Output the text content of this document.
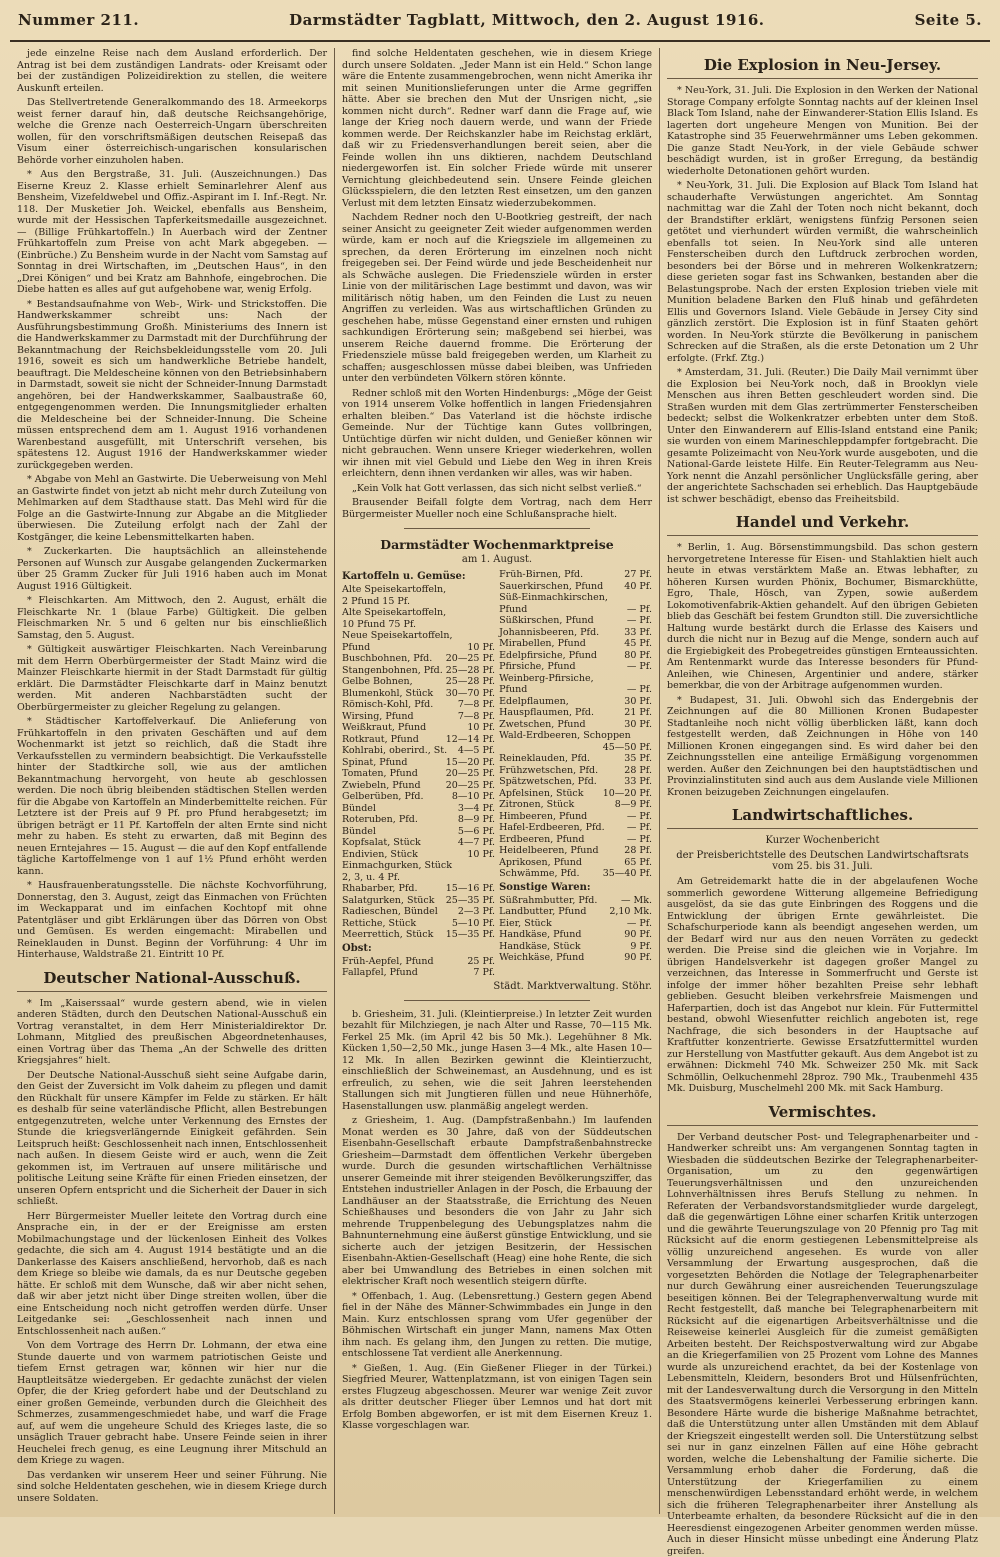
Nummer 211.	Darmstädter Tagblatt, Mittwoch, den 2. August 1916.	Seite 5.

jede einzelne Reise nach dem Ausland erforderlich. Der Antrag ist bei dem zuständigen Landrats- oder Kreisamt oder bei der zuständigen Polizeidirektion zu stellen, die weitere Auskunft erteilen.

Das Stellvertretende Generalkommando des 18. Armeekorps weist ferner darauf hin, daß deutsche Reichsangehörige, welche die Grenze nach Oesterreich-Ungarn überschreiten wollen, für den vorschriftsmäßigen deutschen Reisepaß das Visum einer österreichisch-ungarischen konsularischen Behörde vorher einzuholen haben.

* Aus den Bergstraße, 31. Juli. (Auszeichnungen.) Das Eiserne Kreuz 2. Klasse erhielt Seminarlehrer Alenf aus Bensheim, Vizefeldwebel und Offiz.-Aspirant im I. Inf.-Regt. Nr. 118. Der Musketier Joh. Weickel, ebenfalls aus Bensheim, wurde mit der Hessischen Tapferkeitsmedaille ausgezeichnet. — (Billige Frühkartoffeln.) In Auerbach wird der Zentner Frühkartoffeln zum Preise von acht Mark abgegeben. — (Einbrüche.) Zu Bensheim wurde in der Nacht vom Samstag auf Sonntag in drei Wirtschaften, im „Deutschen Haus“, in den „Drei Königen“ und bei Kratz am Bahnhofe, eingebrochen. Die Diebe hatten es alles auf gut aufgehobene war, wenig Erfolg.

* Bestandsaufnahme von Web-, Wirk- und Strickstoffen. Die Handwerkskammer schreibt uns: Nach der Ausführungsbestimmung Großh. Ministeriums des Innern ist die Handwerkskammer zu Darmstadt mit der Durchführung der Bekanntmachung der Reichsbekleidungsstelle vom 20. Juli 1916, soweit es sich um handwerkliche Betriebe handelt, beauftragt. Die Meldescheine können von den Betriebsinhabern in Darmstadt, soweit sie nicht der Schneider-Innung Darmstadt angehören, bei der Handwerkskammer, Saalbaustraße 60, entgegengenommen werden. Die Innungsmitglieder erhalten die Meldescheine bei der Schneider-Innung. Die Scheine müssen entsprechend dem am 1. August 1916 vorhandenen Warenbestand ausgefüllt, mit Unterschrift versehen, bis spätestens 12. August 1916 der Handwerkskammer wieder zurückgegeben werden.

* Abgabe von Mehl an Gastwirte. Die Ueberweisung von Mehl an Gastwirte findet von jetzt ab nicht mehr durch Zuteilung von Mehlmarken auf dem Stadthause statt. Das Mehl wird für die Folge an die Gastwirte-Innung zur Abgabe an die Mitglieder überwiesen. Die Zuteilung erfolgt nach der Zahl der Kostgänger, die keine Lebensmittelkarten haben.

* Zuckerkarten. Die hauptsächlich an alleinstehende Personen auf Wunsch zur Ausgabe gelangenden Zuckermarken über 25 Gramm Zucker für Juli 1916 haben auch im Monat August 1916 Gültigkeit.

* Fleischkarten. Am Mittwoch, den 2. August, erhält die Fleischkarte Nr. 1 (blaue Farbe) Gültigkeit. Die gelben Fleischmarken Nr. 5 und 6 gelten nur bis einschließlich Samstag, den 5. August.

* Gültigkeit auswärtiger Fleischkarten. Nach Vereinbarung mit dem Herrn Oberbürgermeister der Stadt Mainz wird die Mainzer Fleischkarte hiermit in der Stadt Darmstadt für gültig erklärt. Die Darmstädter Fleischkarte darf in Mainz benutzt werden. Mit anderen Nachbarstädten sucht der Oberbürgermeister zu gleicher Regelung zu gelangen.

* Städtischer Kartoffelverkauf. Die Anlieferung von Frühkartoffeln in den privaten Geschäften und auf dem Wochenmarkt ist jetzt so reichlich, daß die Stadt ihre Verkaufsstellen zu vermindern beabsichtigt. Die Verkaufsstelle hinter der Stadtkirche soll, wie aus der amtlichen Bekanntmachung hervorgeht, von heute ab geschlossen werden. Die noch übrig bleibenden städtischen Stellen werden für die Abgabe von Kartoffeln an Minderbemittelte reichen. Für Letztere ist der Preis auf 9 Pf. pro Pfund herabgesetzt; im übrigen beträgt er 11 Pf. Kartoffeln der alten Ernte sind nicht mehr zu haben. Es steht zu erwarten, daß mit Beginn des neuen Erntejahres — 15. August — die auf den Kopf entfallende tägliche Kartoffelmenge von 1 auf 1½ Pfund erhöht werden kann.

* Hausfrauenberatungsstelle. Die nächste Kochvorführung, Donnerstag, den 3. August, zeigt das Einmachen von Früchten im Weckapparat und im einfachen Kochtopf mit ohne Patentgläser und gibt Erklärungen über das Dörren von Obst und Gemüsen. Es werden eingemacht: Mirabellen und Reineklauden in Dunst. Beginn der Vorführung: 4 Uhr im Hinterhause, Waldstraße 21. Eintritt 10 Pf.

Deutscher National-Ausschuß.

* Im „Kaiserssaal“ wurde gestern abend, wie in vielen anderen Städten, durch den Deutschen National-Ausschuß ein Vortrag veranstaltet, in dem Herr Ministerialdirektor Dr. Lohmann, Mitglied des preußischen Abgeordnetenhauses, einen Vortrag über das Thema „An der Schwelle des dritten Kriegsjahres“ hielt.

Der Deutsche National-Ausschuß sieht seine Aufgabe darin, den Geist der Zuversicht im Volk daheim zu pflegen und damit den Rückhalt für unsere Kämpfer im Felde zu stärken. Er hält es deshalb für seine vaterländische Pflicht, allen Bestrebungen entgegenzutreten, welche unter Verkennung des Ernstes der Stunde die kriegsverlängernde Einigkeit gefährden. Sein Leitspruch heißt: Geschlossenheit nach innen, Entschlossenheit nach außen. In diesem Geiste wird er auch, wenn die Zeit gekommen ist, im Vertrauen auf unsere militärische und politische Leitung seine Kräfte für einen Frieden einsetzen, der unseren Opfern entspricht und die Sicherheit der Dauer in sich schließt.

Herr Bürgermeister Mueller leitete den Vortrag durch eine Ansprache ein, in der er der Ereignisse am ersten Mobilmachungstage und der lückenlosen Einheit des Volkes gedachte, die sich am 4. August 1914 bestätigte und an die Dankerlasse des Kaisers anschließend, hervorhob, daß es nach dem Kriege so bleibe wie damals, da es nur Deutsche gegeben hätte. Er schloß mit dem Wunsche, daß wir aber nicht sehen, daß wir aber jetzt nicht über Dinge streiten wollen, über die eine Entscheidung noch nicht getroffen werden dürfe. Unser Leitgedanke sei: „Geschlossenheit nach innen und Entschlossenheit nach außen.“

Von dem Vortrage des Herrn Dr. Lohmann, der etwa eine Stunde dauerte und von warmem patriotischen Geiste und tiefem Ernst getragen war, können wir hier nur die Hauptleitsätze wiedergeben. Er gedachte zunächst der vielen Opfer, die der Krieg gefordert habe und der Deutschland zu einer großen Gemeinde, verbunden durch die Gleichheit des Schmerzes, zusammengeschmiedet habe, und warf die Frage auf, auf wem die ungeheure Schuld des Krieges laste, die so unsäglich Trauer gebracht habe. Unsere Feinde seien in ihrer Heuchelei frech genug, es eine Leugnung ihrer Mitschuld an dem Kriege zu wagen.

Das verdanken wir unserem Heer und seiner Führung. Nie sind solche Heldentaten geschehen, wie in diesem Kriege durch unsere Soldaten.

find solche Heldentaten geschehen, wie in diesem Kriege durch unsere Soldaten. „Jeder Mann ist ein Held.“ Schon lange wäre die Entente zusammengebrochen, wenn nicht Amerika ihr mit seinen Munitionslieferungen unter die Arme gegriffen hätte. Aber sie brechen den Mut der Unsrigen nicht, „sie kommen nicht durch“. Redner warf dann die Frage auf, wie lange der Krieg noch dauern werde, und wann der Friede kommen werde. Der Reichskanzler habe im Reichstag erklärt, daß wir zu Friedensverhandlungen bereit seien, aber die Feinde wollen ihn uns diktieren, nachdem Deutschland niedergeworfen ist. Ein solcher Friede würde mit unserer Vernichtung gleichbedeutend sein. Unsere Feinde gleichen Glücksspielern, die den letzten Rest einsetzen, um den ganzen Verlust mit dem letzten Einsatz wiederzubekommen.

Nachdem Redner noch den U-Bootkrieg gestreift, der nach seiner Ansicht zu geeigneter Zeit wieder aufgenommen werden würde, kam er noch auf die Kriegsziele im allgemeinen zu sprechen, da deren Erörterung im einzelnen noch nicht freigegeben sei. Der Feind würde und jede Bescheidenheit nur als Schwäche auslegen. Die Friedensziele würden in erster Linie von der militärischen Lage bestimmt und davon, was wir militärisch nötig haben, um den Feinden die Lust zu neuen Angriffen zu verleiden. Was aus wirtschaftlichen Gründen zu geschehen habe, müsse Gegenstand einer ernsten und ruhigen sachkundigen Erörterung sein; maßgebend sei hierbei, was unserem Reiche dauernd fromme. Die Erörterung der Friedensziele müsse bald freigegeben werden, um Klarheit zu schaffen; ausgeschlossen müsse dabei bleiben, was Unfrieden unter den verbündeten Völkern stören könnte.

Redner schloß mit den Worten Hindenburgs: „Möge der Geist von 1914 unserem Volke hoffentlich in langen Friedensjahren erhalten bleiben.“ Das Vaterland ist die höchste irdische Gemeinde. Nur der Tüchtige kann Gutes vollbringen, Untüchtige dürfen wir nicht dulden, und Genießer können wir nicht gebrauchen. Wenn unsere Krieger wiederkehren, wollen wir ihnen mit viel Gebuld und Liebe den Weg in ihren Kreis erleichtern, denn ihnen verdanken wir alles, was wir haben.

„Kein Volk hat Gott verlassen, das sich nicht selbst verließ.“

Brausender Beifall folgte dem Vortrag, nach dem Herr Bürgermeister Mueller noch eine Schlußansprache hielt.

Darmstädter Wochenmarktpreise
am 1. August.
Kartoffeln u. Gemüse:
Alte Speisekartoffeln,
2 Pfund 15 Pf.
Alte Speisekartoffeln,
10 Pfund 75 Pf.
Neue Speisekartoffeln,
Pfund	10 Pf.
Buschbohnen, Pfd.	20—25 Pf.
Stangenbohnen, Pfd. 25—28 Pf.
Gelbe Bohnen,	25—28 Pf.
Blumenkohl, Stück	30—70 Pf.
Römisch-Kohl, Pfd.	7—8 Pf.
Wirsing, Pfund	7—8 Pf.
Weißkraut, Pfund	10 Pf.
Rotkraut, Pfund	12—14 Pf.
Kohlrabi, oberird., St.	4—5 Pf.
Spinat, Pfund	15—20 Pf.
Tomaten, Pfund	20—25 Pf.
Zwiebeln, Pfund	20—25 Pf.
Gelberüben, Pfd.	8—10 Pf.
Bündel	3—4 Pf.
Roteruben, Pfd.	8—9 Pf.
Bündel	5—6 Pf.
Kopfsalat, Stück	4—7 Pf.
Endivien, Stück	10 Pf.
Einmachgurken, Stück
2, 3, u. 4 Pf.
Rhabarber, Pfd.	15—16 Pf.
Salatgurken, Stück	25—35 Pf.
Radieschen, Bündel	2—3 Pf.
Rettiche, Stück	5—10 Pf.
Meerrettich, Stück	15—35 Pf.
Obst:
Früh-Aepfel, Pfund	25 Pf.
Fallapfel, Pfund	7 Pf.
Früh-Birnen, Pfd.	27 Pf.
Sauerkirschen, Pfund	40 Pf.
Süß-Einmachkirschen,
Pfund	— Pf.
Süßkirschen, Pfund	— Pf.
Johannisbeeren, Pfd.	33 Pf.
Mirabellen, Pfund	45 Pf.
Edelpfirsiche, Pfund	80 Pf.
Pfirsiche, Pfund	— Pf.
Weinberg-Pfirsiche,
Pfund	— Pf.
Edelpflaumen,	30 Pf.
Hauspflaumen, Pfd.	21 Pf.
Zwetschen, Pfund	30 Pf.
Wald-Erdbeeren, Schoppen
45—50 Pf.
Reineklauden, Pfd.	35 Pf.
Frühzwetschen, Pfd.	28 Pf.
Spätzwetschen, Pfd.	33 Pf.
Apfelsinen, Stück	10—20 Pf.
Zitronen, Stück	8—9 Pf.
Himbeeren, Pfund	— Pf.
Hafel-Erdbeeren, Pfd.	— Pf.
Erdbeeren, Pfund	— Pf.
Heidelbeeren, Pfund	28 Pf.
Aprikosen, Pfund	65 Pf.
Schwämme, Pfd.	35—40 Pf.
Sonstige Waren:
Süßrahmbutter, Pfd.	— Mk.
Landbutter, Pfund	2,10 Mk.
Eier, Stück	— Pf.
Handkäse, Pfund	90 Pf.
Handkäse, Stück	9 Pf.
Weichkäse, Pfund	90 Pf.
Städt. Marktverwaltung. Stöhr.

b. Griesheim, 31. Juli. (Kleintierpreise.) In letzter Zeit wurden bezahlt für Milchziegen, je nach Alter und Rasse, 70—115 Mk. Ferkel 25 Mk. (im April 42 bis 50 Mk.). Legehühner 8 Mk. Kücken 1,50—2,50 Mk., junge Hasen 3—4 Mk., alte Hasen 10—12 Mk. In allen Bezirken gewinnt die Kleintierzucht, einschließlich der Schweinemast, an Ausdehnung, und es ist erfreulich, zu sehen, wie die seit Jahren leerstehenden Stallungen sich mit Jungtieren füllen und neue Hühnerhöfe, Hasenstallungen usw. planmäßig angelegt werden.

z Griesheim, 1. Aug. (Dampfstraßenbahn.) Im laufenden Monat werden es 30 Jahre, daß von der Süddeutschen Eisenbahn-Gesellschaft erbaute Dampfstraßenbahnstrecke Griesheim—Darmstadt dem öffentlichen Verkehr übergeben wurde. Durch die gesunden wirtschaftlichen Verhältnisse unserer Gemeinde mit ihrer steigenden Bevölkerungsziffer, das Entstehen industrieller Anlagen in der Posch, die Erbauung der Landhäuser an der Staatsstraße, die Errichtung des Neuen Schießhauses und besonders die von Jahr zu Jahr sich mehrende Truppenbelegung des Uebungsplatzes nahm die Bahnunternehmung eine äußerst günstige Entwicklung, und sie sicherte auch der jetzigen Besitzerin, der Hessischen Eisenbahn-Aktien-Gesellschaft (Heag) eine hohe Rente, die sich aber bei Umwandlung des Betriebes in einen solchen mit elektrischer Kraft noch wesentlich steigern dürfte.

* Offenbach, 1. Aug. (Lebensrettung.) Gestern gegen Abend fiel in der Nähe des Männer-Schwimmbades ein Junge in den Main. Kurz entschlossen sprang vom Ufer gegenüber der Böhmischen Wirtschaft ein junger Mann, namens Max Otten ihm nach. Es gelang ihm, den Jungen zu retten. Die mutige, entschlossene Tat verdient alle Anerkennung.

* Gießen, 1. Aug. (Ein Gießener Flieger in der Türkei.) Siegfried Meurer, Wattenplatzmann, ist von einigen Tagen sein erstes Flugzeug abgeschossen. Meurer war wenige Zeit zuvor als dritter deutscher Flieger über Lemnos und hat dort mit Erfolg Bomben abgeworfen, er ist mit dem Eisernen Kreuz 1. Klasse vorgeschlagen war.

Die Explosion in Neu-Jersey.

* Neu-York, 31. Juli. Die Explosion in den Werken der National Storage Company erfolgte Sonntag nachts auf der kleinen Insel Black Tom Island, nahe der Einwanderer-Station Ellis Island. Es lagerten dort ungeheure Mengen von Munition. Bei der Katastrophe sind 35 Feuerwehrmänner ums Leben gekommen. Die ganze Stadt Neu-York, in der viele Gebäude schwer beschädigt wurden, ist in großer Erregung, da beständig wiederholte Detonationen gehört wurden.

* Neu-York, 31. Juli. Die Explosion auf Black Tom Island hat schauderhafte Verwüstungen angerichtet. Am Sonntag nachmittag war die Zahl der Toten noch nicht bekannt, doch der Brandstifter erklärt, wenigstens fünfzig Personen seien getötet und vierhundert würden vermißt, die wahrscheinlich ebenfalls tot seien. In Neu-York sind alle unteren Fensterscheiben durch den Luftdruck zerbrochen worden, besonders bei der Börse und in mehreren Wolkenkratzern; diese gerieten sogar fast ins Schwanken, bestanden aber die Belastungsprobe. Nach der ersten Explosion trieben viele mit Munition beladene Barken den Fluß hinab und gefährdeten Ellis und Governors Island. Viele Gebäude in Jersey City sind gänzlich zerstört. Die Explosion ist in fünf Staaten gehört worden. In Neu-York stürzte die Bevölkerung in panischem Schrecken auf die Straßen, als die erste Detonation um 2 Uhr erfolgte. (Frkf. Ztg.)

* Amsterdam, 31. Juli. (Reuter.) Die Daily Mail vernimmt über die Explosion bei Neu-York noch, daß in Brooklyn viele Menschen aus ihren Betten geschleudert worden sind. Die Straßen wurden mit dem Glas zertrümmerter Fensterscheiben bedeckt; selbst die Wolkenkratzer erbebten unter dem Stoß. Unter den Einwanderern auf Ellis-Island entstand eine Panik; sie wurden von einem Marineschleppdampfer fortgebracht. Die gesamte Polizeimacht von Neu-York wurde ausgeboten, und die National-Garde leistete Hilfe. Ein Reuter-Telegramm aus Neu-York nennt die Anzahl persönlicher Unglücksfälle gering, aber der angerichtete Sachschaden sei erheblich. Das Hauptgebäude ist schwer beschädigt, ebenso das Freiheitsbild.

Handel und Verkehr.

* Berlin, 1. Aug. Börsenstimmungsbild. Das schon gestern hervorgetretene Interesse für Eisen- und Stahlaktien hielt auch heute in etwas verstärktem Maße an. Etwas lebhafter, zu höheren Kursen wurden Phönix, Bochumer, Bismarckhütte, Egro, Thale, Hösch, van Zypen, sowie außerdem Lokomotivenfabrik-Aktien gehandelt. Auf den übrigen Gebieten blieb das Geschäft bei festem Grundton still. Die zuversichtliche Haltung wurde bestärkt durch die Erlasse des Kaisers und durch die nicht nur in Bezug auf die Menge, sondern auch auf die Ergiebigkeit des Probegetreides günstigen Ernteaussichten. Am Rentenmarkt wurde das Interesse besonders für Pfund-Anleihen, wie Chinesen, Argentinier und andere, stärker bemerkbar, die von der Arbitrage aufgenommen wurden.

* Budapest, 31. Juli. Obwohl sich das Endergebnis der Zeichnungen auf die 80 Millionen Kronen Budapester Stadtanleihe noch nicht völlig überblicken läßt, kann doch festgestellt werden, daß Zeichnungen in Höhe von 140 Millionen Kronen eingegangen sind. Es wird daher bei den Zeichnungsstellen eine anteilige Ermäßigung vorgenommen werden. Außer den Zeichnungen bei den hauptstädtischen und Provinzialinstituten sind auch aus dem Auslande viele Millionen Kronen beizugeben Zeichnungen eingelaufen.

Landwirtschaftliches.
Kurzer Wochenbericht
der Preisberichtstelle des Deutschen Landwirtschaftsrats vom 25. bis 31. Juli.

Am Getreidemarkt hatte die in der abgelaufenen Woche sommerlich gewordene Witterung allgemeine Befriedigung ausgelöst, da sie das gute Einbringen des Roggens und die Entwicklung der übrigen Ernte gewährleistet. Die Schafschurperiode kann als beendigt angesehen werden, um der Bedarf wird nur aus den neuen Vorräten zu gedeckt werden. Die Preise sind die gleichen wie in Vorjahre. Im übrigen Handelsverkehr ist dagegen großer Mangel zu verzeichnen, das Interesse in Sommerfrucht und Gerste ist infolge der immer höher bezahlten Preise sehr lebhaft geblieben. Gesucht bleiben verkehrsfreie Maismengen und Haferpartien, doch ist das Angebot nur klein. Für Futtermittel bestand, obwohl Wiesenfutter reichlich angeboten ist, rege Nachfrage, die sich besonders in der Hauptsache auf Kraftfutter konzentrierte. Gewisse Ersatzfuttermittel wurden zur Herstellung von Mastfutter gekauft. Aus dem Angebot ist zu erwähnen: Dickmehl 740 Mk. Schweizer 250 Mk. mit Sack Schmöllin, Oelkuchenmehl 28proz. 790 Mk., Traubenmehl 435 Mk. Duisburg, Muschelmehl 200 Mk. mit Sack Hamburg.

Vermischtes.

Der Verband deutscher Post- und Telegraphenarbeiter und -Handwerker schreibt uns: Am vergangenen Sonntag tagten in Wiesbaden die süddeutschen Bezirke der Telegraphenarbeiter-Organisation, um zu den gegenwärtigen Teuerungsverhältnissen und den unzureichenden Lohnverhältnissen ihres Berufs Stellung zu nehmen. In Referaten der Verbandsvorstandsmitglieder wurde dargelegt, daß die gegenwärtigen Löhne einer scharfen Kritik unterzogen und die gewährte Teuerungszulage von 20 Pfennig pro Tag mit Rücksicht auf die enorm gestiegenen Lebensmittelpreise als völlig unzureichend angesehen. Es wurde von aller Versammlung der Erwartung ausgesprochen, daß die vorgesetzten Behörden die Notlage der Telegraphenarbeiter nur durch Gewährung einer ausreichenden Teuerungszulage beseitigen können. Bei der Telegraphenverwaltung wurde mit Recht festgestellt, daß manche bei Telegraphenarbeitern mit Rücksicht auf die eigenartigen Arbeitsverhältnisse und die Reiseweise keinerlei Ausgleich für die zumeist gemäßigten Arbeiten besteht. Der Reichspostverwaltung wird zur Abgabe an die Kriegerfamilien von 25 Prozent vom Lohne des Mannes wurde als unzureichend erachtet, da bei der Kostenlage von Lebensmitteln, Kleidern, besonders Brot und Hülsenfrüchten, mit der Landesverwaltung durch die Versorgung in den Mitteln des Staatsvermögens keinerlei Verbesserung erbringen kann. Besondere Härte wurde die bisherige Maßnahme betrachtet, daß die Unterstützung unter allen Umständen mit dem Ablauf der Kriegszeit eingestellt werden soll. Die Unterstützung selbst sei nur in ganz einzelnen Fällen auf eine Höhe gebracht worden, welche die Lebenshaltung der Familie sicherte. Die Versammlung erhob daher die Forderung, daß die Unterstützung der Kriegerfamilien zu einem menschenwürdigen Lebensstandard erhöht werde, in welchem sich die früheren Telegraphenarbeiter ihrer Anstellung als Unterbeamte erhalten, da besondere Rücksicht auf die in den Heeresdienst eingezogenen Arbeiter genommen werden müsse. Auch in dieser Hinsicht müsse unbedingt eine Änderung Platz greifen.
